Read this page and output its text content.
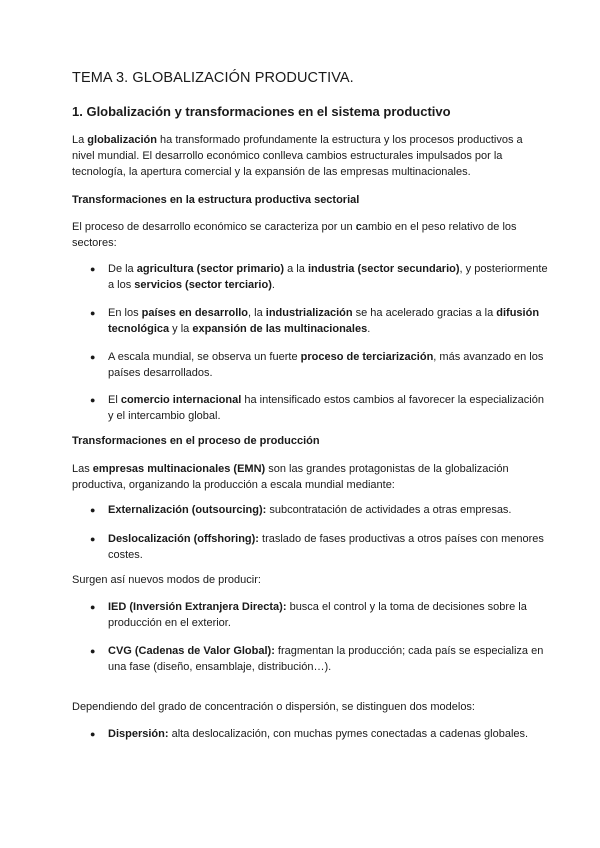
TEMA 3. GLOBALIZACIÓN PRODUCTIVA.
1. Globalización y transformaciones en el sistema productivo

La globalización ha transformado profundamente la estructura y los procesos productivos a nivel mundial. El desarrollo económico conlleva cambios estructurales impulsados por la tecnología, la apertura comercial y la expansión de las empresas multinacionales.

Transformaciones en la estructura productiva sectorial

El proceso de desarrollo económico se caracteriza por un cambio en el peso relativo de los sectores:

● De la agricultura (sector primario) a la industria (sector secundario), y posteriormente a los servicios (sector terciario).
● En los países en desarrollo, la industrialización se ha acelerado gracias a la difusión tecnológica y la expansión de las multinacionales.
● A escala mundial, se observa un fuerte proceso de terciarización, más avanzado en los países desarrollados.
● El comercio internacional ha intensificado estos cambios al favorecer la especialización y el intercambio global.
Transformaciones en el proceso de producción

Las empresas multinacionales (EMN) son las grandes protagonistas de la globalización productiva, organizando la producción a escala mundial mediante:

● Externalización (outsourcing): subcontratación de actividades a otras empresas.
● Deslocalización (offshoring): traslado de fases productivas a otros países con menores costes.

Surgen así nuevos modos de producir:

● IED (Inversión Extranjera Directa): busca el control y la toma de decisiones sobre la producción en el exterior.
● CVG (Cadenas de Valor Global): fragmentan la producción; cada país se especializa en una fase (diseño, ensamblaje, distribución…).

Dependiendo del grado de concentración o dispersión, se distinguen dos modelos:

● Dispersión: alta deslocalización, con muchas pymes conectadas a cadenas globales.
